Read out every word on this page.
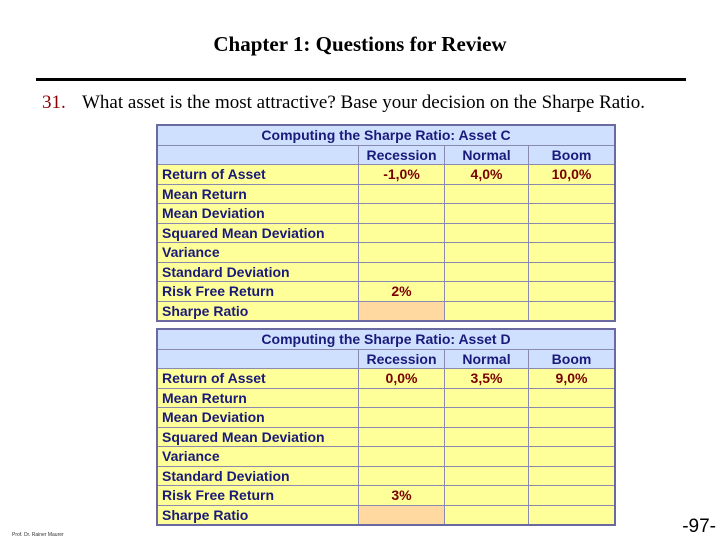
Chapter 1: Questions for Review
31. What asset is the most attractive? Base your decision on the Sharpe Ratio.
Computing the Sharpe Ratio: Asset C			
	Recession	Normal	Boom
Return of Asset	-1,0%	4,0%	10,0%
Mean Return			
Mean Deviation			
Squared Mean Deviation			
Variance			
Standard Deviation			
Risk Free Return	2%		
Sharpe Ratio			
Computing the Sharpe Ratio: Asset D			
	Recession	Normal	Boom
Return of Asset	0,0%	3,5%	9,0%
Mean Return			
Mean Deviation			
Squared Mean Deviation			
Variance			
Standard Deviation			
Risk Free Return	3%		
Sharpe Ratio			
Prof. Dr. Rainer Maurer	-97-
